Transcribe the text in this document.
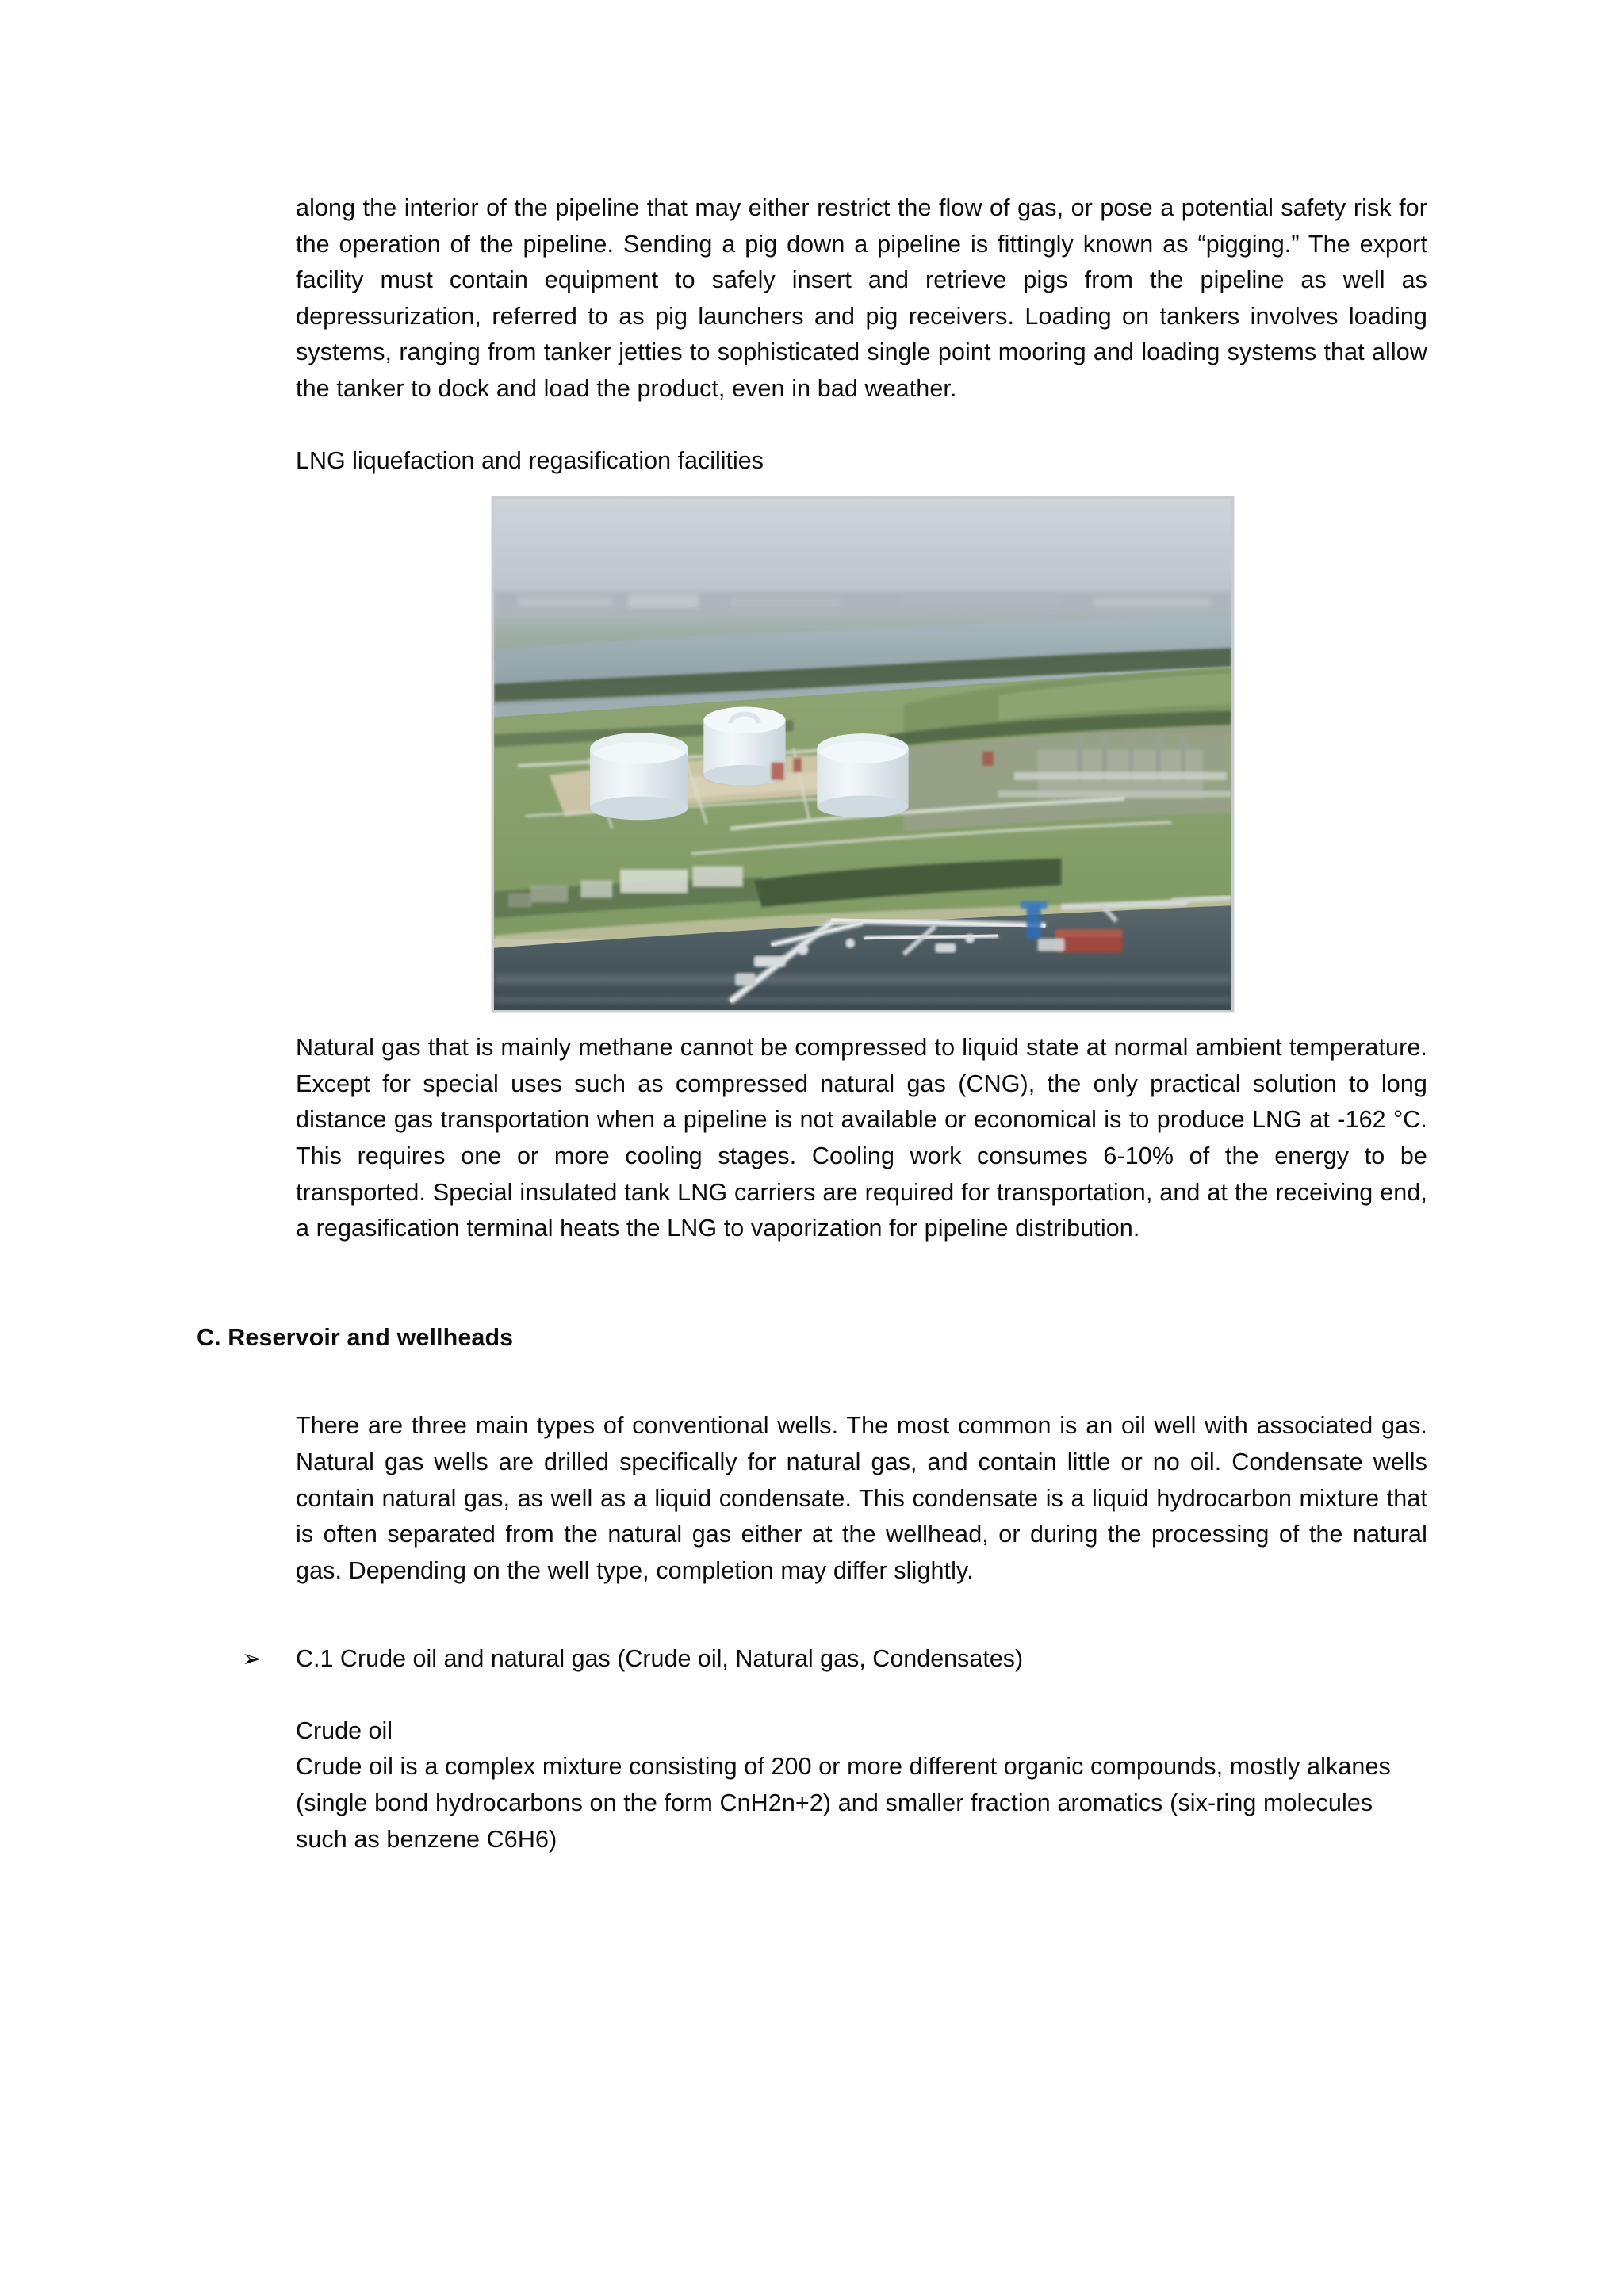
along the interior of the pipeline that may either restrict the flow of gas, or pose a potential safety risk for the operation of the pipeline. Sending a pig down a pipeline is fittingly known as “pigging.” The export facility must contain equipment to safely insert and retrieve pigs from the pipeline as well as depressurization, referred to as pig launchers and pig receivers. Loading on tankers involves loading systems, ranging from tanker jetties to sophisticated single point mooring and loading systems that allow the tanker to dock and load the product, even in bad weather.

LNG liquefaction and regasification facilities

Natural gas that is mainly methane cannot be compressed to liquid state at normal ambient temperature. Except for special uses such as compressed natural gas (CNG), the only practical solution to long distance gas transportation when a pipeline is not available or economical is to produce LNG at -162 °C. This requires one or more cooling stages. Cooling work consumes 6-10% of the energy to be transported. Special insulated tank LNG carriers are required for transportation, and at the receiving end, a regasification terminal heats the LNG to vaporization for pipeline distribution.

C. Reservoir and wellheads

There are three main types of conventional wells. The most common is an oil well with associated gas. Natural gas wells are drilled specifically for natural gas, and contain little or no oil. Condensate wells contain natural gas, as well as a liquid condensate. This condensate is a liquid hydrocarbon mixture that is often separated from the natural gas either at the wellhead, or during the processing of the natural gas. Depending on the well type, completion may differ slightly.

➢	C.1 Crude oil and natural gas (Crude oil, Natural gas, Condensates)

Crude oil

Crude oil is a complex mixture consisting of 200 or more different organic compounds, mostly alkanes (single bond hydrocarbons on the form CnH2n+2) and smaller fraction aromatics (six-ring molecules such as benzene C6H6)
